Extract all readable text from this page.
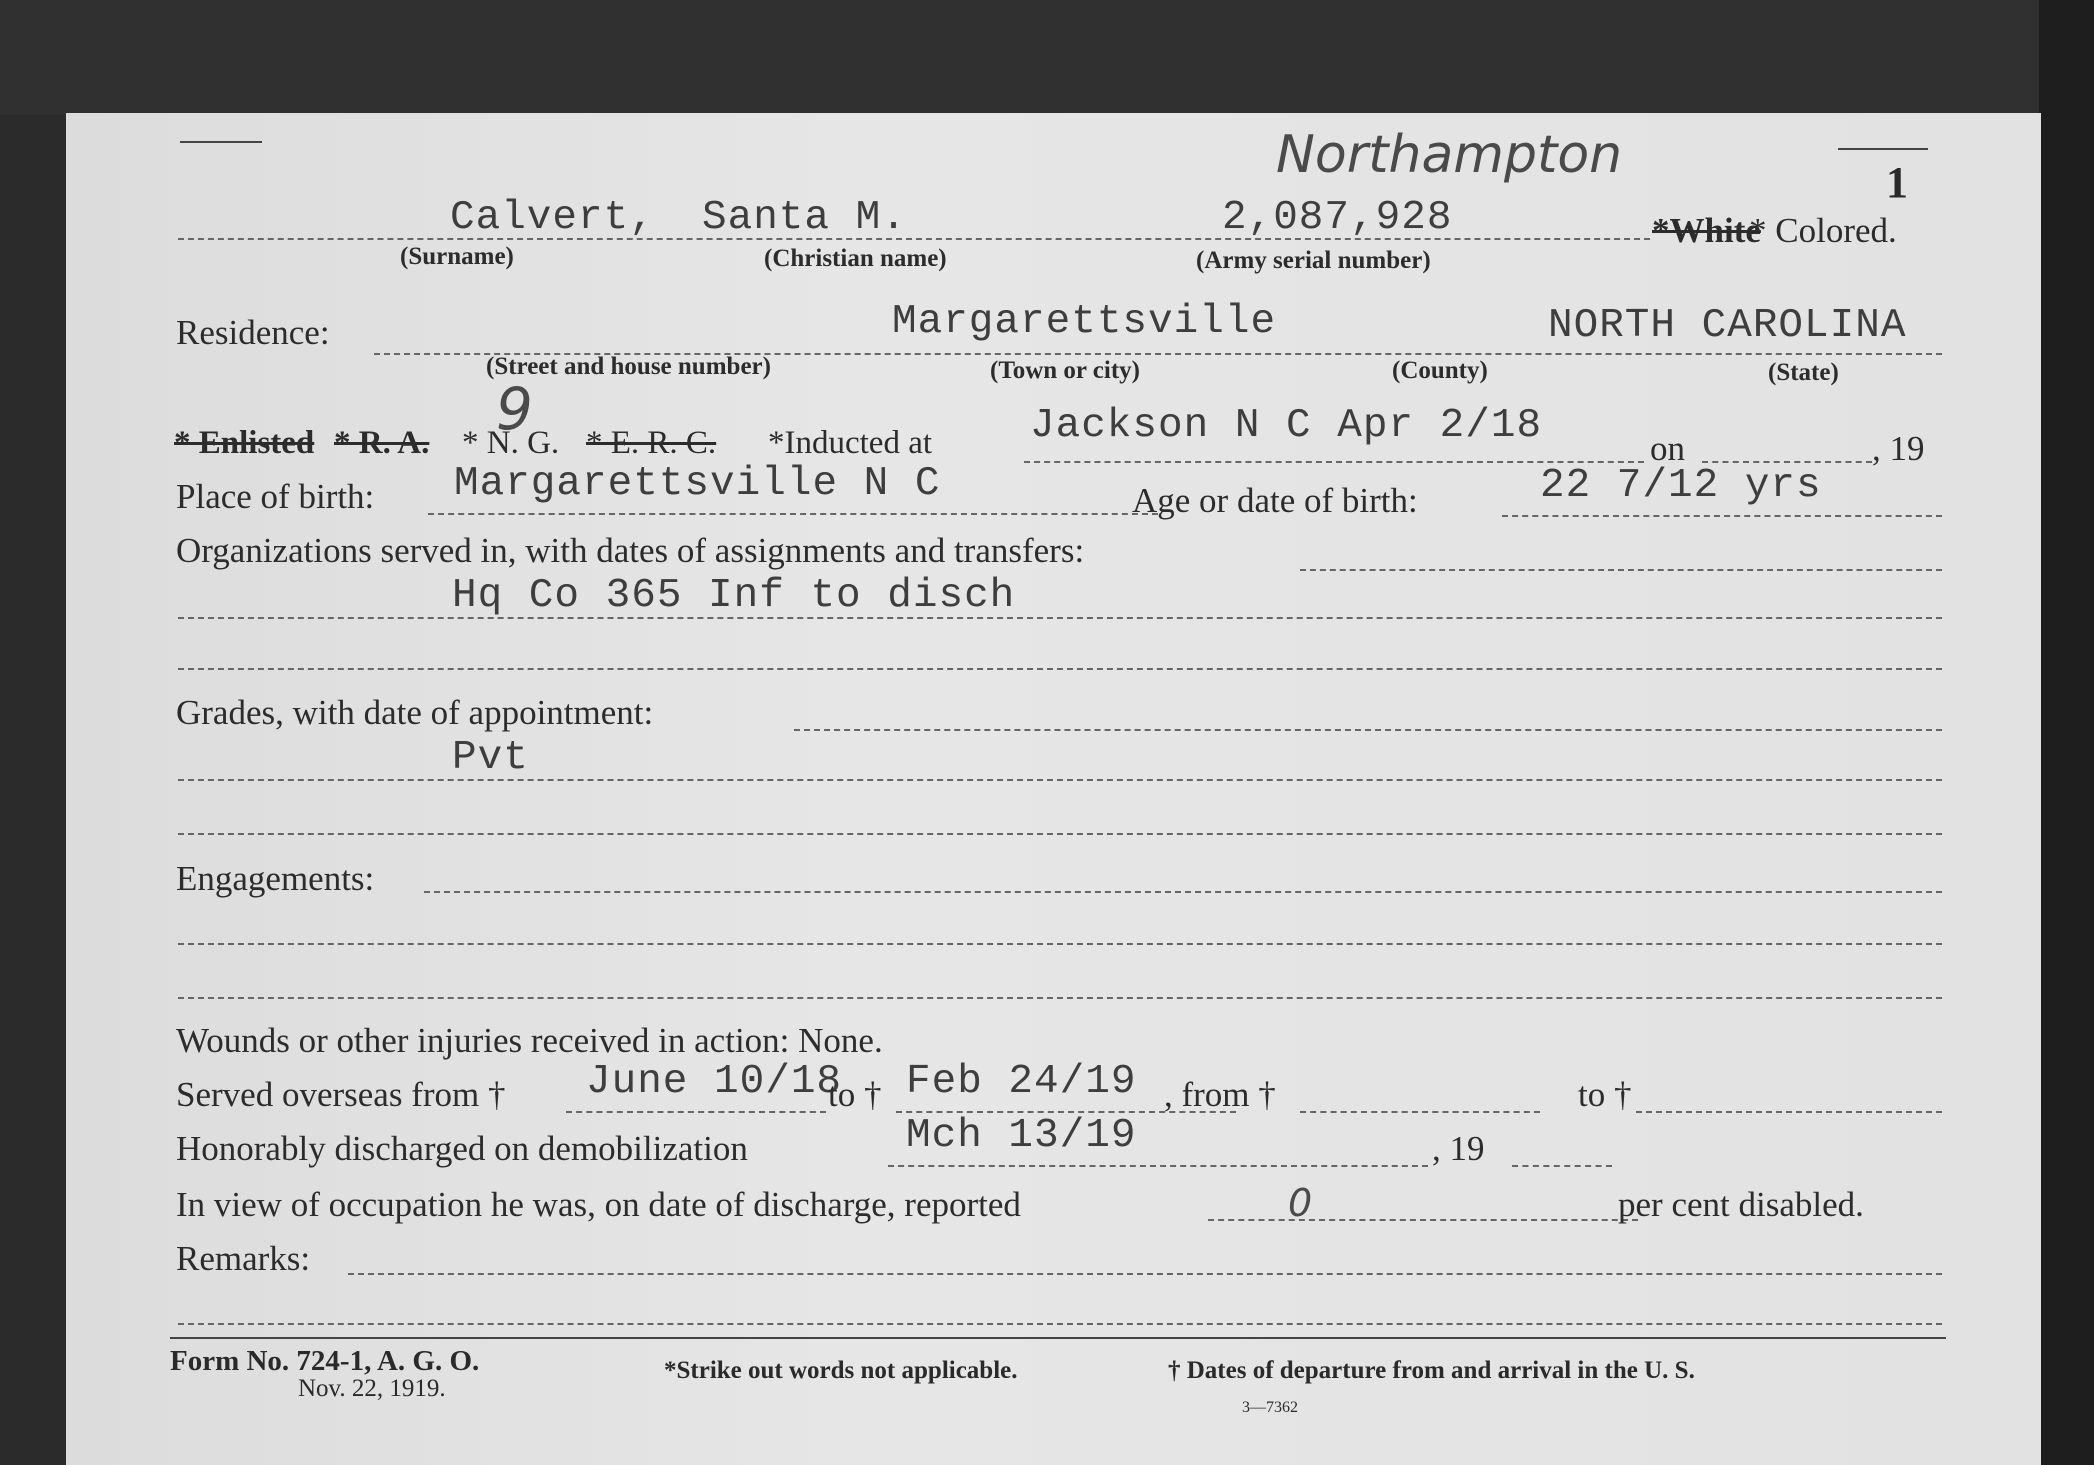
Northampton	1
Calvert, Santa M.	2,087,928	*White
* Colored.
(Surname)	(Christian name)	(Army serial number)
Residence:	Margarettsville	NORTH CAROLINA
(Street and house number)	(Town or city)	(County)	(State)
* Enlisted * R. A. * N. G.
9 * E. R. C. *Inducted at Jackson N C Apr 2/18	on	, 19
Place of birth: Margarettsville N C	Age or date of birth:	22 7/12 yrs
Organizations served in, with dates of assignments and transfers:
Hq Co 365 Inf to disch
Grades, with date of appointment:
Pvt
Engagements:
Wounds or other injuries received in action: None.
Served overseas from † June 10/18
to † Feb 24/19 , from †	to †
Honorably discharged on demobilization	Mch 13/19	, 19
In view of occupation he was, on date of discharge, reported	0	per cent disabled.
Remarks:
Form No. 724-1, A. G. O.
Nov. 22, 1919.
*Strike out words not applicable.	† Dates of departure from and arrival in the U. S.
3—7362
